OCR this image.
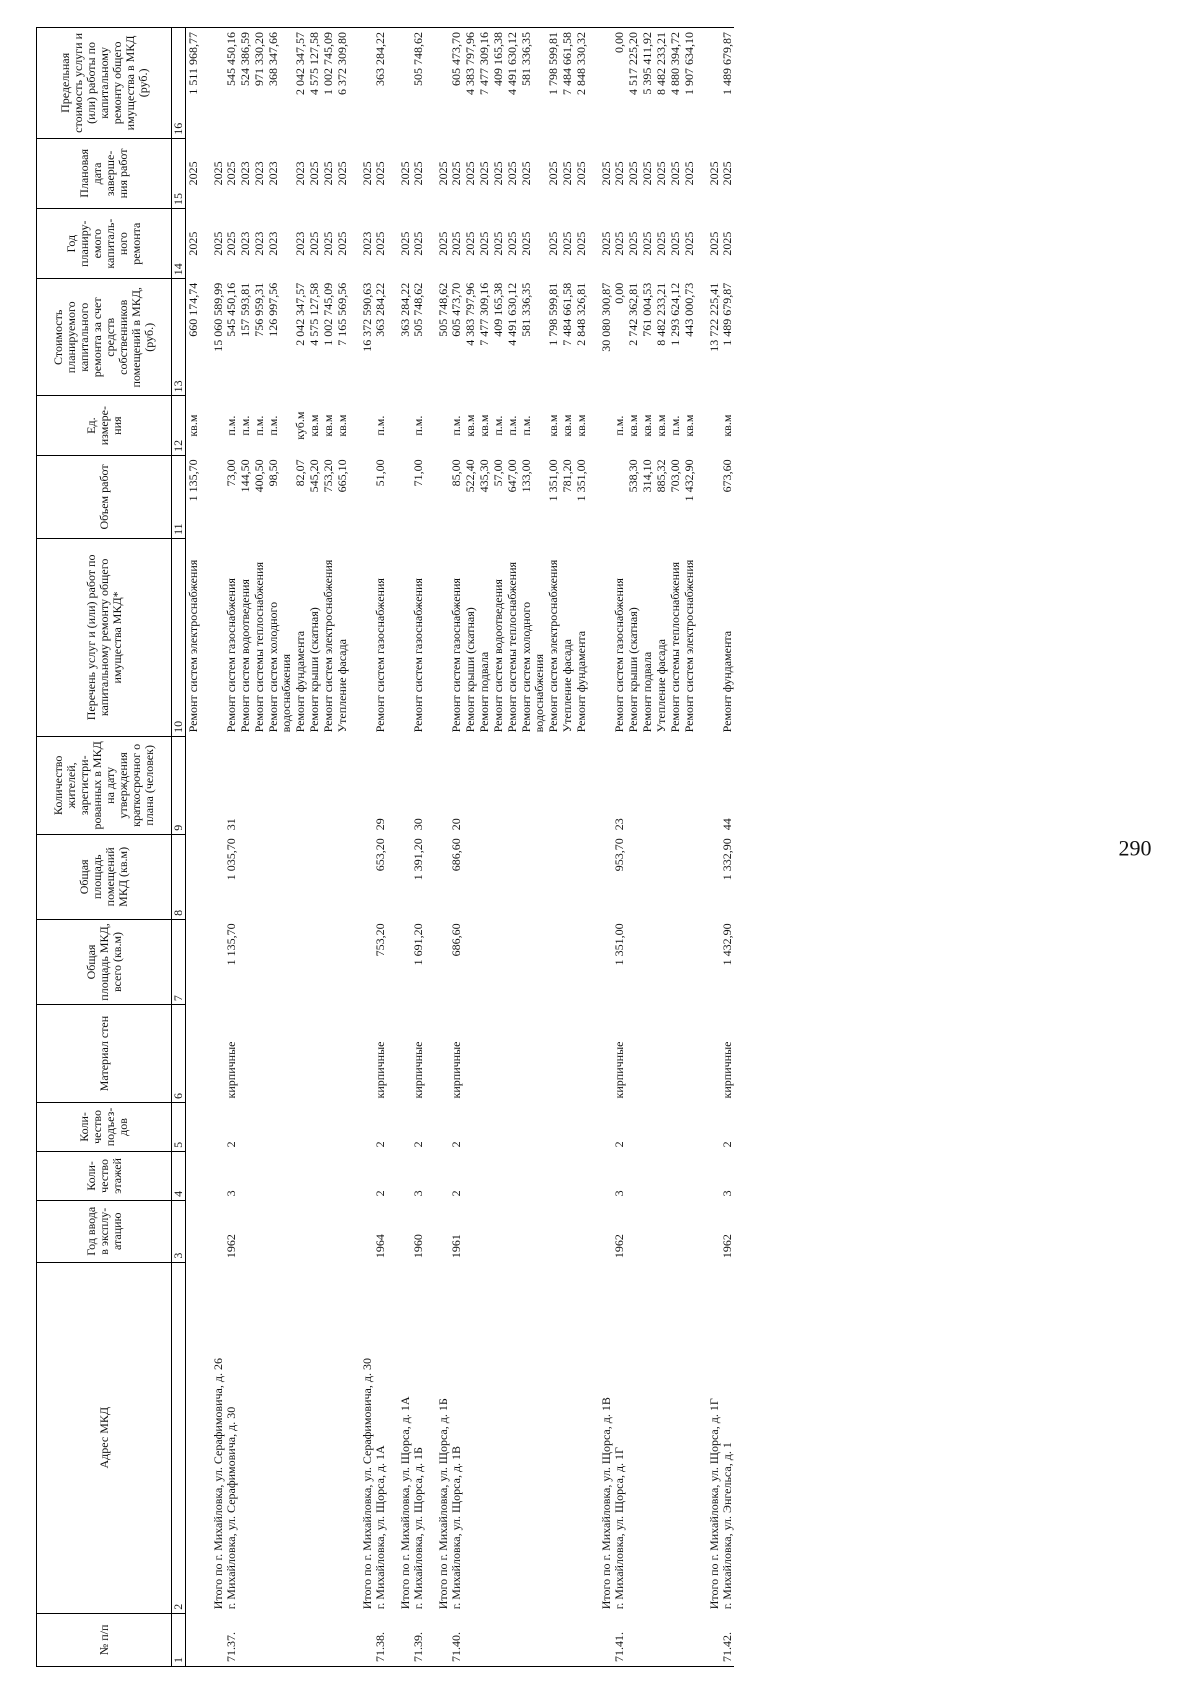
290
№ п/п	Адрес МКД	Год ввода в эксплу-атацию	Коли-чество этажей	Коли-чество подъез-дов	Материал стен	Общая площадь МКД, всего (кв.м)	Общая площадь помещений МКД (кв.м)	Количество жителей, зарегистри-рованных в МКД на дату утверждения краткосрочног о плана (человек)	Перечень услуг и (или) работ по капитальному ремонту общего имущества МКД*	Объем работ	Ед. измере-ния	Стоимость планируемого капитального ремонта за счет средств собственников помещений в МКД, (руб.)	Год планиру-емого капиталь-ного ремонта	Плановая дата заверше-ния работ	Предельная стоимость услуги и (или) работы по капитальному ремонту общего имущества в МКД (руб.)
1	2	3	4	5	6	7	8	9	10	11	12	13	14	15	16
									Ремонт систем электроснабжения	1 135,70	кв.м	660 174,74	2025	2025	1 511 968,77
	Итого по г. Михайловка, ул. Серафимовича, д. 26											15 060 589,99	2025	2025	
71.37.	г. Михайловка, ул. Серафимовича, д. 30	1962	3	2	кирпичные	1 135,70	1 035,70	31	Ремонт систем газоснабжения	73,00	п.м.	545 450,16	2025	2025	545 450,16
									Ремонт систем водоотведения	144,50	п.м.	157 593,81	2023	2023	524 386,59
									Ремонт системы теплоснабжения	400,50	п.м.	756 959,31	2023	2023	971 330,20
									Ремонт систем холодного водоснабжения	98,50	п.м.	126 997,56	2023	2023	368 347,66
									Ремонт фундамента	82,07	куб.м	2 042 347,57	2023	2023	2 042 347,57
									Ремонт крыши (скатная)	545,20	кв.м	4 575 127,58	2025	2025	4 575 127,58
									Ремонт систем электроснабжения	753,20	кв.м	1 002 745,09	2025	2025	1 002 745,09
									Утепление фасада	665,10	кв.м	7 165 569,56	2025	2025	6 372 309,80
	Итого по г. Михайловка, ул. Серафимовича, д. 30											16 372 590,63	2023	2025	
71.38.	г. Михайловка, ул. Щорса, д. 1А	1964	2	2	кирпичные	753,20	653,20	29	Ремонт систем газоснабжения	51,00	п.м.	363 284,22	2025	2025	363 284,22
	Итого по г. Михайловка, ул. Щорса, д. 1А											363 284,22	2025	2025	
71.39.	г. Михайловка, ул. Щорса, д. 1Б	1960	3	2	кирпичные	1 691,20	1 391,20	30	Ремонт систем газоснабжения	71,00	п.м.	505 748,62	2025	2025	505 748,62
	Итого по г. Михайловка, ул. Щорса, д. 1Б											505 748,62	2025	2025	
71.40.	г. Михайловка, ул. Щорса, д. 1В	1961	2	2	кирпичные	686,60	686,60	20	Ремонт систем газоснабжения	85,00	п.м.	605 473,70	2025	2025	605 473,70
									Ремонт крыши (скатная)	522,40	кв.м	4 383 797,96	2025	2025	4 383 797,96
									Ремонт подвала	435,30	кв.м	7 477 309,16	2025	2025	7 477 309,16
									Ремонт систем водоотведения	57,00	п.м.	409 165,38	2025	2025	409 165,38
									Ремонт системы теплоснабжения	647,00	п.м.	4 491 630,12	2025	2025	4 491 630,12
									Ремонт систем холодного водоснабжения	133,00	п.м.	581 336,35	2025	2025	581 336,35
									Ремонт систем электроснабжения	1 351,00	кв.м	1 798 599,81	2025	2025	1 798 599,81
									Утепление фасада	781,20	кв.м	7 484 661,58	2025	2025	7 484 661,58
									Ремонт фундамента	1 351,00	кв.м	2 848 326,81	2025	2025	2 848 330,32
	Итого по г. Михайловка, ул. Щорса, д. 1В											30 080 300,87	2025	2025	
71.41.	г. Михайловка, ул. Щорса, д. 1Г	1962	3	2	кирпичные	1 351,00	953,70	23	Ремонт систем газоснабжения		п.м.	0,00	2025	2025	0,00
									Ремонт крыши (скатная)	538,30	кв.м	2 742 362,81	2025	2025	4 517 225,20
									Ремонт подвала	314,10	кв.м	761 004,53	2025	2025	5 395 411,92
									Утепление фасада	885,32	кв.м	8 482 233,21	2025	2025	8 482 233,21
									Ремонт системы теплоснабжения	703,00	п.м.	1 293 624,12	2025	2025	4 880 394,72
									Ремонт систем электроснабжения	1 432,90	кв.м	443 000,73	2025	2025	1 907 634,10
	Итого по г. Михайловка, ул. Щорса, д. 1Г											13 722 225,41	2025	2025	
71.42.	г. Михайловка, ул. Энгельса, д. 1	1962	3	2	кирпичные	1 432,90	1 332,90	44	Ремонт фундамента	673,60	кв.м	1 489 679,87	2025	2025	1 489 679,87
